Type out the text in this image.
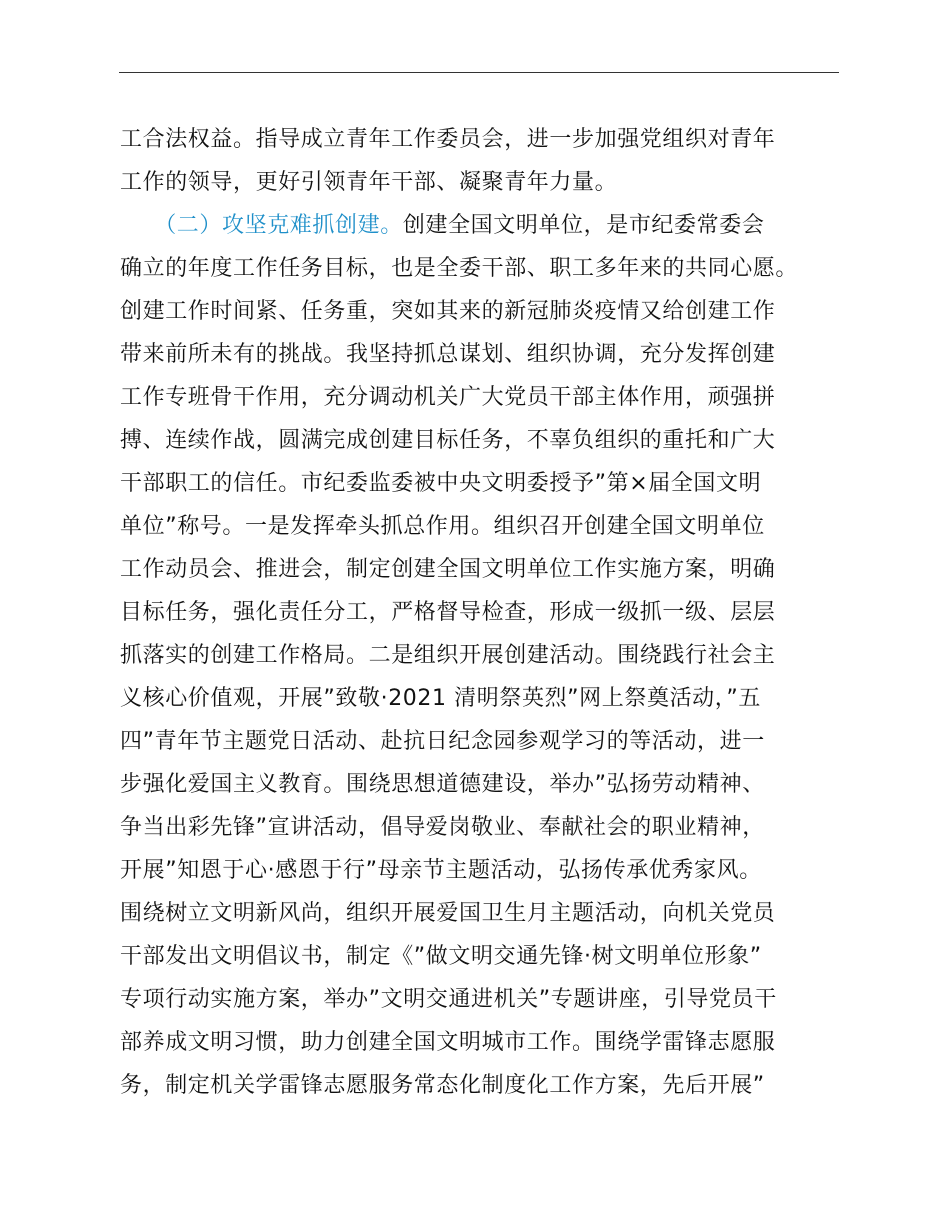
工合法权益。指导成立青年工作委员会，进一步加强党组织对青年
工作的领导，更好引领青年干部、凝聚青年力量。
　　（二）攻坚克难抓创建。创建全国文明单位，是市纪委常委会
确立的年度工作任务目标，也是全委干部、职工多年来的共同心愿。
创建工作时间紧、任务重，突如其来的新冠肺炎疫情又给创建工作
带来前所未有的挑战。我坚持抓总谋划、组织协调，充分发挥创建
工作专班骨干作用，充分调动机关广大党员干部主体作用，顽强拼
搏、连续作战，圆满完成创建目标任务，不辜负组织的重托和广大
干部职工的信任。市纪委监委被中央文明委授予”第×届全国文明
单位”称号。一是发挥牵头抓总作用。组织召开创建全国文明单位
工作动员会、推进会，制定创建全国文明单位工作实施方案，明确
目标任务，强化责任分工，严格督导检查，形成一级抓一级、层层
抓落实的创建工作格局。二是组织开展创建活动。围绕践行社会主
义核心价值观，开展”致敬·2021 清明祭英烈”网上祭奠活动，”五
四”青年节主题党日活动、赴抗日纪念园参观学习的等活动，进一
步强化爱国主义教育。围绕思想道德建设，举办”弘扬劳动精神、
争当出彩先锋”宣讲活动，倡导爱岗敬业、奉献社会的职业精神，
开展”知恩于心·感恩于行”母亲节主题活动，弘扬传承优秀家风。
围绕树立文明新风尚，组织开展爱国卫生月主题活动，向机关党员
干部发出文明倡议书，制定《”做文明交通先锋·树文明单位形象”
专项行动实施方案，举办”文明交通进机关”专题讲座，引导党员干
部养成文明习惯，助力创建全国文明城市工作。围绕学雷锋志愿服
务，制定机关学雷锋志愿服务常态化制度化工作方案，先后开展”
